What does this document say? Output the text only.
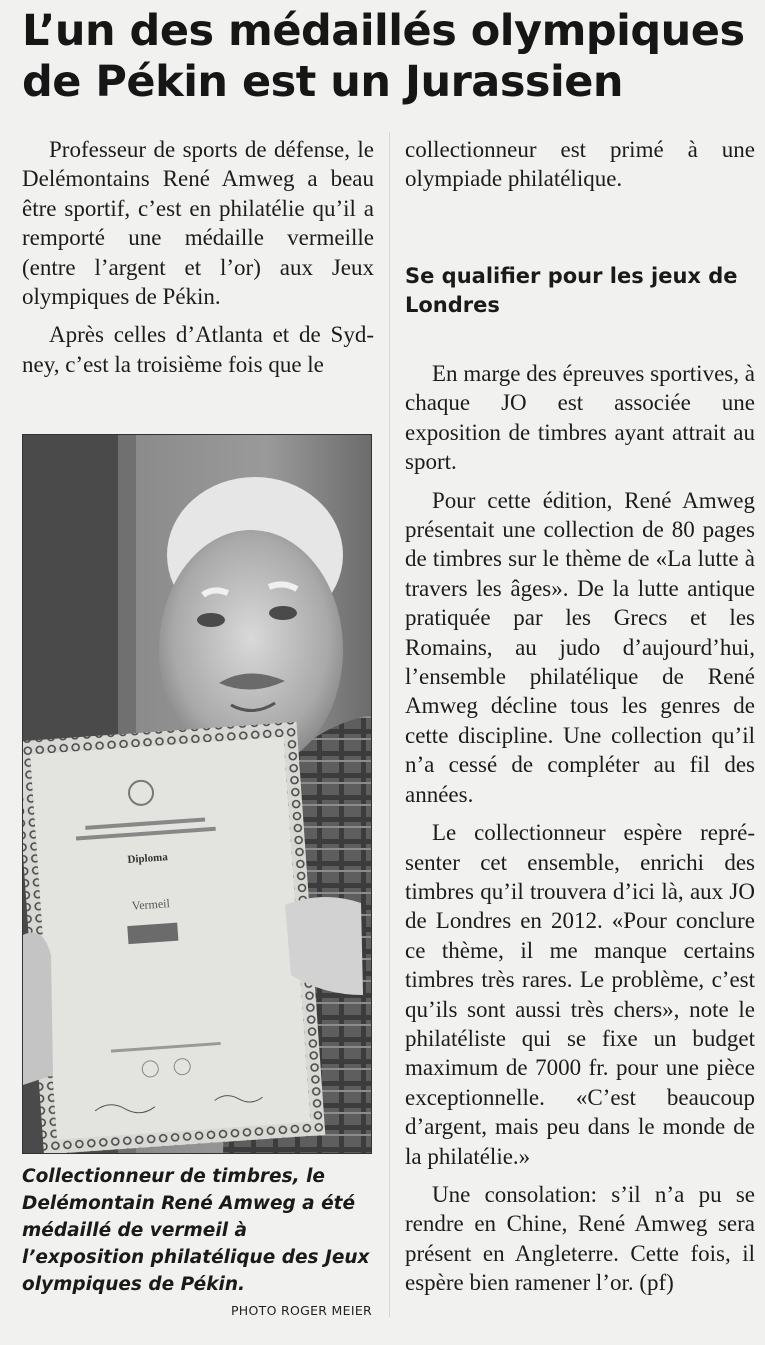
L’un des médaillés olympiques
de Pékin est un Jurassien

Professeur de sports de défense, le Delémontains René Amweg a beau être sportif, c’est en philatélie qu’il a remporté une médaille vermeille (entre l’argent et l’or) aux Jeux olympiques de Pékin.

Après celles d’Atlanta et de Sydney, c’est la troisième fois que le

Diploma
Vermeil

Collectionneur de timbres, le Delémontain René Amweg a été médaillé de vermeil à l’exposition philatélique des Jeux olympiques de Pékin.

PHOTO ROGER MEIER

collectionneur est primé à une olympiade philatélique.

Se qualifier pour les jeux de Londres

En marge des épreuves sportives, à chaque JO est associée une exposition de timbres ayant attrait au sport.

Pour cette édition, René Amweg présentait une collection de 80 pages de timbres sur le thème de «La lutte à travers les âges». De la lutte antique pratiquée par les Grecs et les Romains, au judo d’aujourd’hui, l’ensemble philatélique de René Amweg décline tous les genres de cette discipline. Une collection qu’il n’a cessé de compléter au fil des années.

Le collectionneur espère représenter cet ensemble, enrichi des timbres qu’il trouvera d’ici là, aux JO de Londres en 2012. «Pour conclure ce thème, il me manque certains timbres très rares. Le problème, c’est qu’ils sont aussi très chers», note le philatéliste qui se fixe un budget maximum de 7000 fr. pour une pièce exceptionnelle. «C’est beaucoup d’argent, mais peu dans le monde de la philatélie.»

Une consolation: s’il n’a pu se rendre en Chine, René Amweg sera présent en Angleterre. Cette fois, il espère bien ramener l’or. (pf)
